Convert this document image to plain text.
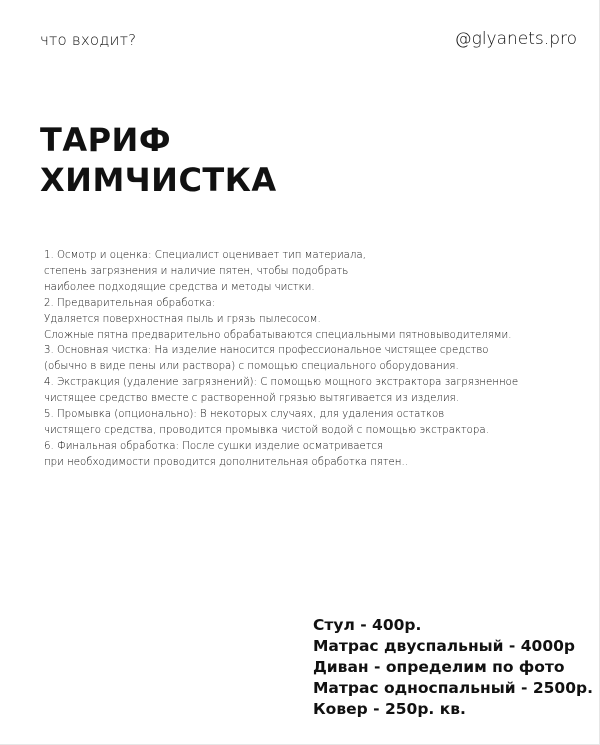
что входит?	@glyanets.pro
ТАРИФ
ХИМЧИСТКА
1. Осмотр и оценка: Специалист оценивает тип материала,
степень загрязнения и наличие пятен, чтобы подобрать
наиболее подходящие средства и методы чистки.
2. Предварительная обработка:
Удаляется поверхностная пыль и грязь пылесосом.
Сложные пятна предварительно обрабатываются специальными пятновыводителями.
3. Основная чистка: На изделие наносится профессиональное чистящее средство
(обычно в виде пены или раствора) с помощью специального оборудования.
4. Экстракция (удаление загрязнений): С помощью мощного экстрактора загрязненное
чистящее средство вместе с растворенной грязью вытягивается из изделия.
5. Промывка (опционально): В некоторых случаях, для удаления остатков
чистящего средства, проводится промывка чистой водой с помощью экстрактора.
6. Финальная обработка: После сушки изделие осматривается
при необходимости проводится дополнительная обработка пятен..
Стул - 400р.
Матрас двуспальный - 4000р
Диван - определим по фото
Матрас односпальный - 2500р.
Ковер - 250р. кв.
